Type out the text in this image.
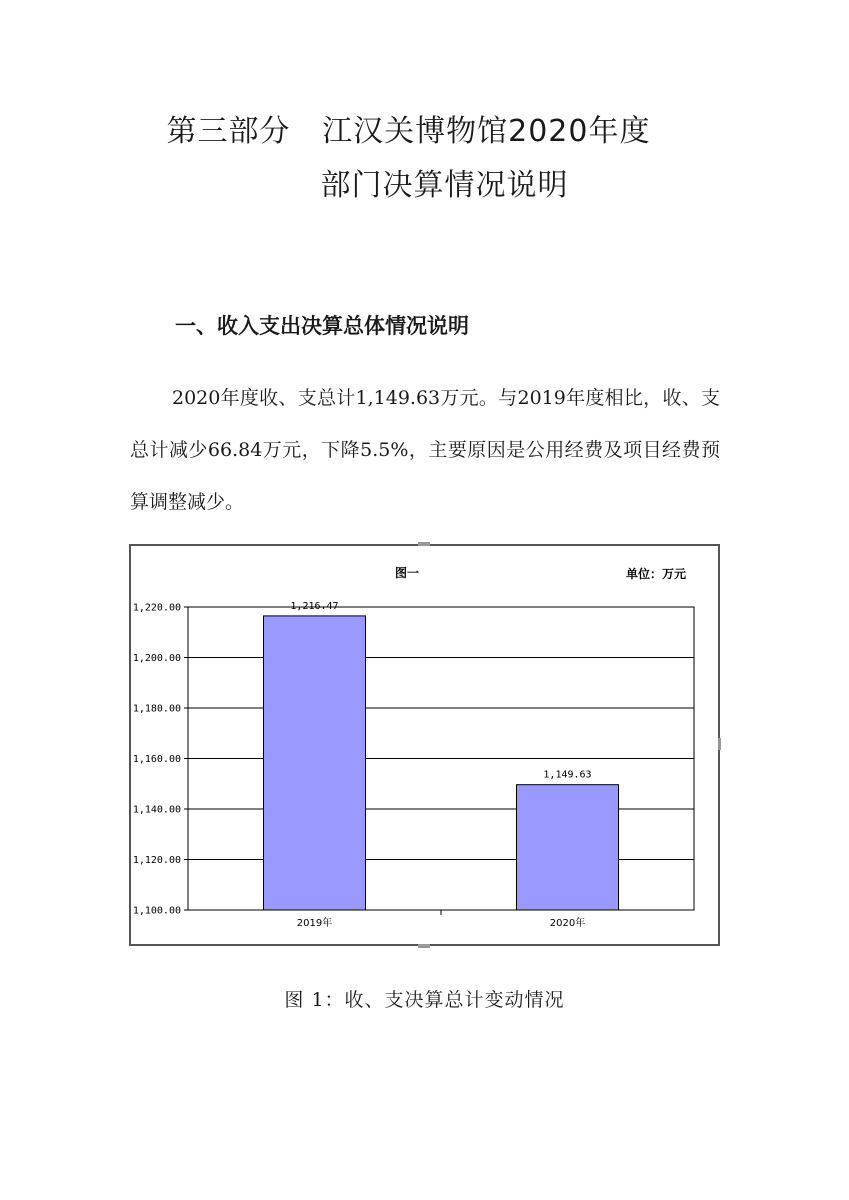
第三部分   江汉关博物馆2020年度
部门决算情况说明
一、收入支出决算总体情况说明
2020年度收、支总计1,149.63万元。与2019年度相比，收、支总计减少66.84万元，下降5.5%，主要原因是公用经费及项目经费预算调整减少。
1,100.00
1,120.00
1,140.00
1,160.00
1,180.00
1,200.00
1,220.00	1,216.47
2019年
1,149.63
2020年
图一	单位：万元
图 1：收、支决算总计变动情况
